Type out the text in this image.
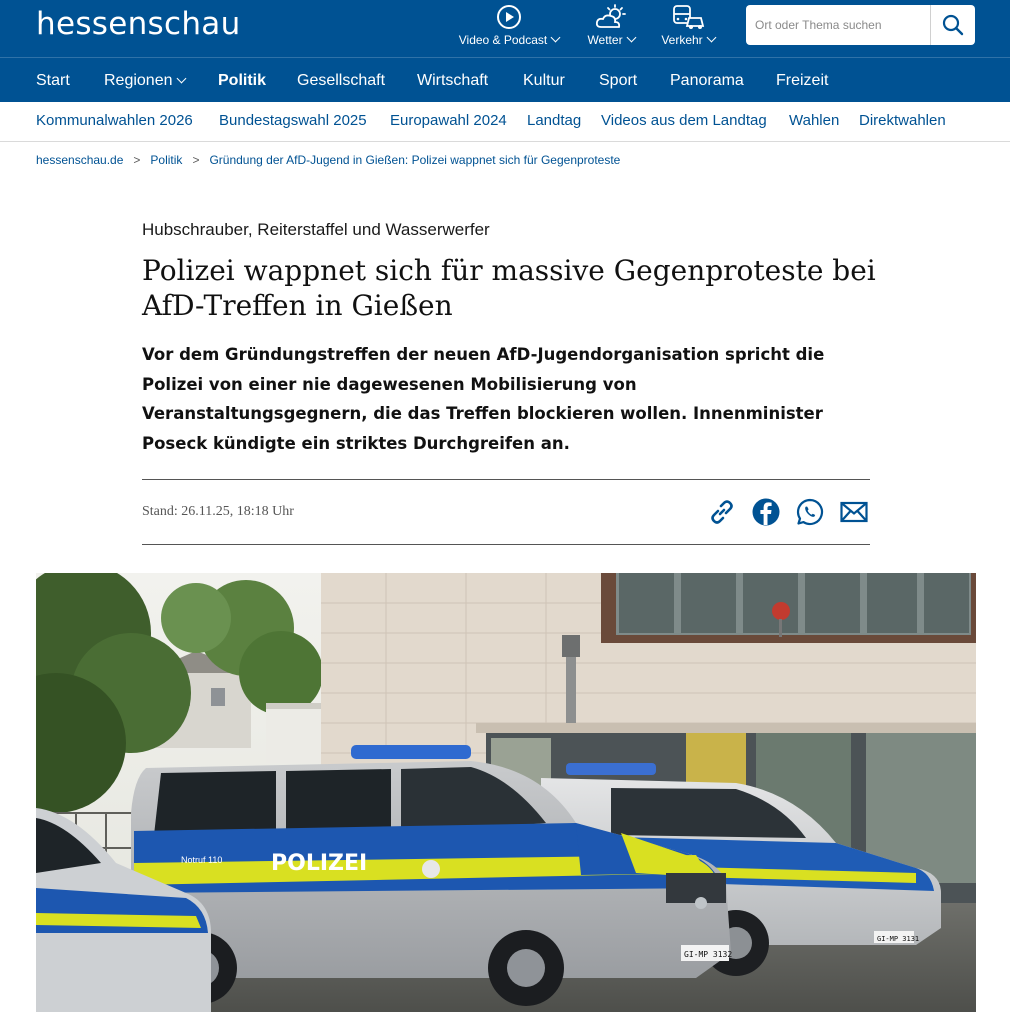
hessenschau	Video & Podcast	Wetter	Verkehr
Ort oder Thema suchen
Start Regionen	Politik Gesellschaft Wirtschaft Kultur Sport Panorama Freizeit
Kommunalwahlen 2026 Bundestagswahl 2025 Europawahl 2024 Landtag Videos aus dem Landtag Wahlen Direktwahlen
hessenschau.de > Politik > Gründung der AfD-Jugend in Gießen: Polizei wappnet sich für Gegenproteste
Hubschrauber, Reiterstaffel und Wasserwerfer
Polizei wappnet sich für massive Gegenproteste bei AfD-Treffen in Gießen

Vor dem Gründungstreffen der neuen AfD-Jugendorganisation spricht die Polizei von einer nie dagewesenen Mobilisierung von Veranstaltungsgegnern, die das Treffen blockieren wollen. Innenminister Poseck kündigte ein striktes Durchgreifen an.

Stand: 26.11.25, 18:18 Uhr
POLIZEI
Notruf 110
GI-MP 3132
GI-MP 3131
